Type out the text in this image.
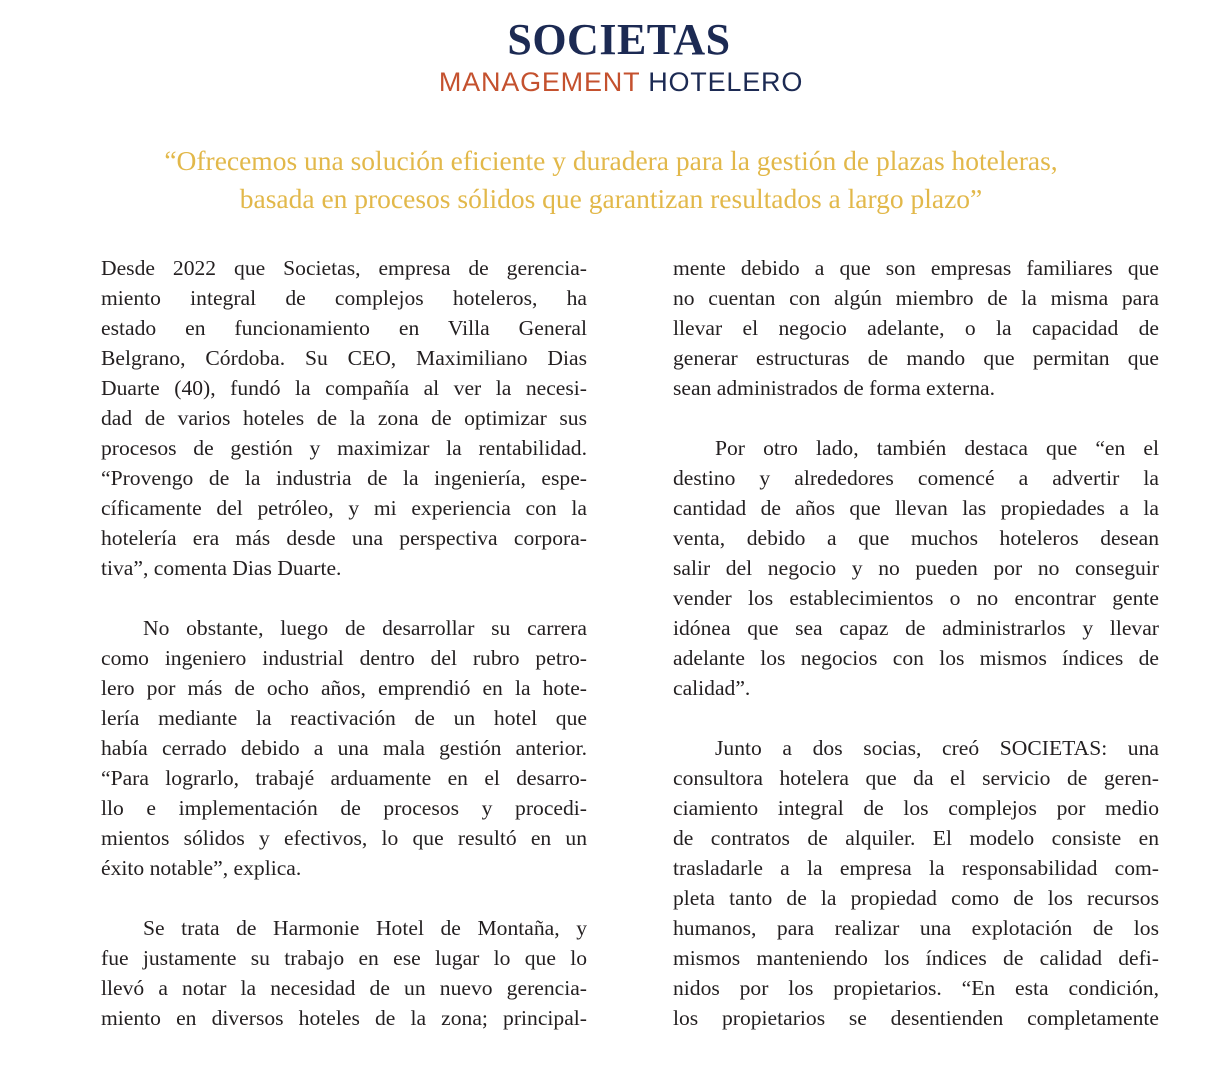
SOCIETAS
MANAGEMENT HOTELERO
“Ofrecemos una solución eficiente y duradera para la gestión de plazas hoteleras,
basada en procesos sólidos que garantizan resultados a largo plazo”

Desde 2022 que Societas, empresa de gerencia-
miento integral de complejos hoteleros, ha
estado en funcionamiento en Villa General
Belgrano, Córdoba. Su CEO, Maximiliano Dias
Duarte (40), fundó la compañía al ver la necesi-
dad de varios hoteles de la zona de optimizar sus
procesos de gestión y maximizar la rentabilidad.
“Provengo de la industria de la ingeniería, espe-
cíficamente del petróleo, y mi experiencia con la
hotelería era más desde una perspectiva corpora-
tiva”, comenta Dias Duarte.

No obstante, luego de desarrollar su carrera
como ingeniero industrial dentro del rubro petro-
lero por más de ocho años, emprendió en la hote-
lería mediante la reactivación de un hotel que
había cerrado debido a una mala gestión anterior.
“Para lograrlo, trabajé arduamente en el desarro-
llo e implementación de procesos y procedi-
mientos sólidos y efectivos, lo que resultó en un
éxito notable”, explica.

Se trata de Harmonie Hotel de Montaña, y
fue justamente su trabajo en ese lugar lo que lo
llevó a notar la necesidad de un nuevo gerencia-
miento en diversos hoteles de la zona; principal-

mente debido a que son empresas familiares que
no cuentan con algún miembro de la misma para
llevar el negocio adelante, o la capacidad de
generar estructuras de mando que permitan que
sean administrados de forma externa.

Por otro lado, también destaca que “en el
destino y alrededores comencé a advertir la
cantidad de años que llevan las propiedades a la
venta, debido a que muchos hoteleros desean
salir del negocio y no pueden por no conseguir
vender los establecimientos o no encontrar gente
idónea que sea capaz de administrarlos y llevar
adelante los negocios con los mismos índices de
calidad”.

Junto a dos socias, creó SOCIETAS: una
consultora hotelera que da el servicio de geren-
ciamiento integral de los complejos por medio
de contratos de alquiler. El modelo consiste en
trasladarle a la empresa la responsabilidad com-
pleta tanto de la propiedad como de los recursos
humanos, para realizar una explotación de los
mismos manteniendo los índices de calidad defi-
nidos por los propietarios. “En esta condición,
los propietarios se desentienden completamente
